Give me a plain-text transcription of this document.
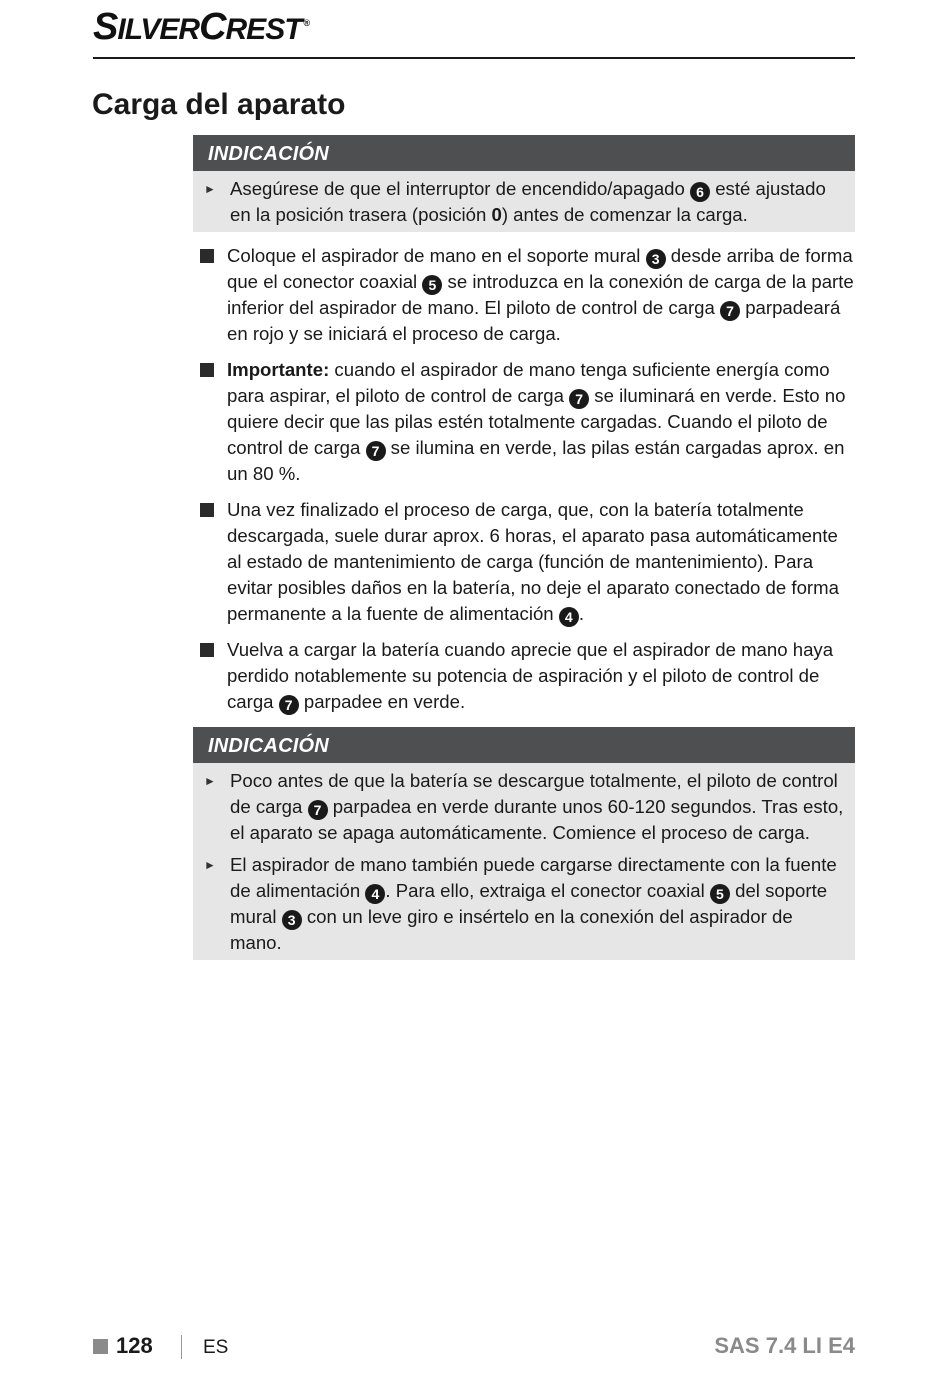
SILVERCREST ®
Carga del aparato
INDICACIÓN
► Asegúrese de que el interruptor de encendido/apagado 6 esté ajustado en la posición trasera (posición 0) antes de comenzar la carga.
Coloque el aspirador de mano en el soporte mural 3 desde arriba de forma que el conector coaxial 5 se introduzca en la conexión de carga de la parte inferior del aspirador de mano. El piloto de control de carga 7 parpadeará en rojo y se iniciará el proceso de carga.
Importante: cuando el aspirador de mano tenga suficiente energía como para aspirar, el piloto de control de carga 7 se iluminará en verde. Esto no quiere decir que las pilas estén totalmente cargadas. Cuando el piloto de control de carga 7 se ilumina en verde, las pilas están cargadas aprox. en un 80 %.
Una vez finalizado el proceso de carga, que, con la batería totalmente descargada, suele durar aprox. 6 horas, el aparato pasa automáticamente al estado de mantenimiento de carga (función de mantenimiento). Para evitar posibles daños en la batería, no deje el aparato conectado de forma permanente a la fuente de alimentación 4 .
Vuelva a cargar la batería cuando aprecie que el aspirador de mano haya perdido notablemente su potencia de aspiración y el piloto de control de carga 7 parpadee en verde.
INDICACIÓN
► Poco antes de que la batería se descargue totalmente, el piloto de control de carga 7 parpadea en verde durante unos 60-120 segundos. Tras esto, el aparato se apaga automáticamente. Comience el proceso de carga.
► El aspirador de mano también puede cargarse directamente con la fuente de alimentación 4 . Para ello, extraiga el conector coaxial 5 del soporte mural 3 con un leve giro e insértelo en la conexión del aspirador de mano.
128	ES	SAS 7.4 LI E4
